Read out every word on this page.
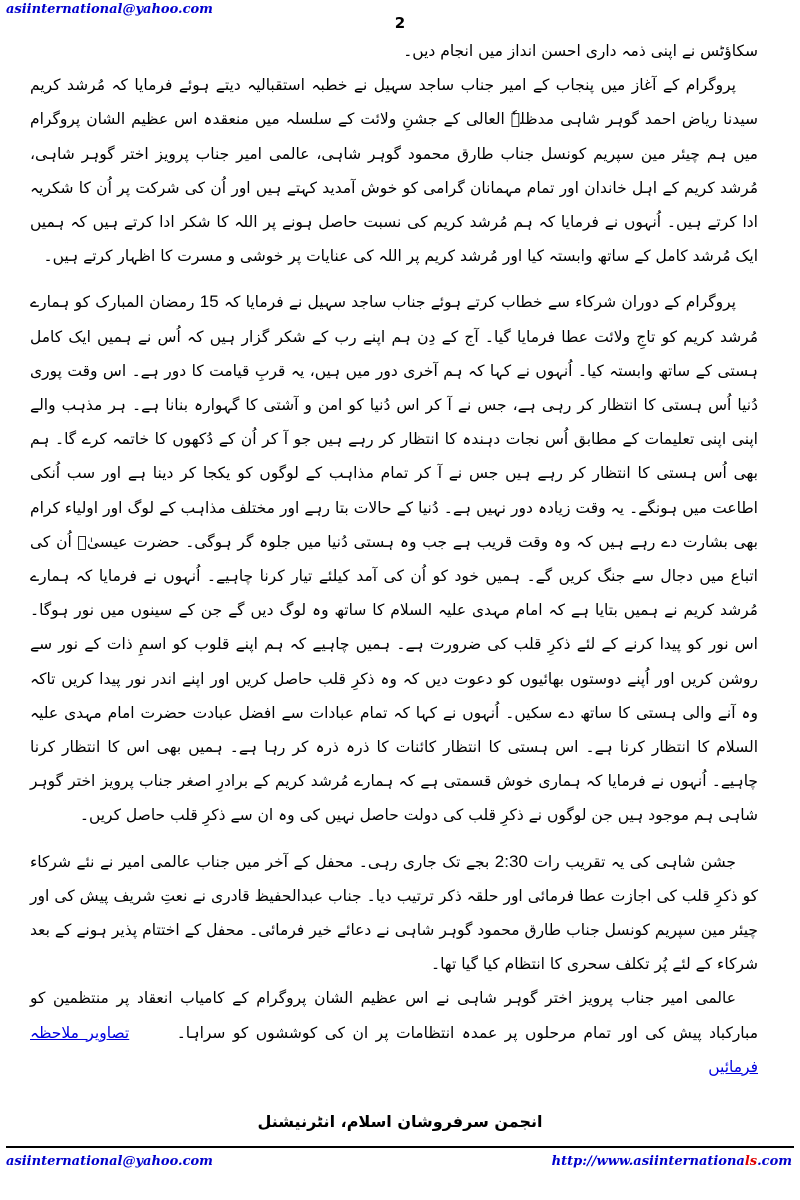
asiinternational@yahoo.com
2

سکاؤٹس نے اپنی ذمہ داری احسن انداز میں انجام دیں۔

پروگرام کے آغاز میں پنجاب کے امیر جناب ساجد سہیل نے خطبہ استقبالیہ دیتے ہوئے فرمایا کہ مُرشد کریم سیدنا ریاض احمد گوہر شاہی مدظلہٗ العالی کے جشنِ ولائت کے سلسلہ میں منعقدہ اس عظیم الشان پروگرام میں ہم چیئر مین سپریم کونسل جناب طارق محمود گوہر شاہی، عالمی امیر جناب پرویز اختر گوہر شاہی، مُرشد کریم کے اہل خاندان اور تمام مہمانان گرامی کو خوش آمدید کہتے ہیں اور اُن کی شرکت پر اُن کا شکریہ ادا کرتے ہیں۔ اُنہوں نے فرمایا کہ ہم مُرشد کریم کی نسبت حاصل ہونے پر اللہ کا شکر ادا کرتے ہیں کہ ہمیں ایک مُرشد کامل کے ساتھ وابستہ کیا اور مُرشد کریم پر اللہ کی عنایات پر خوشی و مسرت کا اظہار کرتے ہیں۔

پروگرام کے دوران شرکاء سے خطاب کرتے ہوئے جناب ساجد سہیل نے فرمایا کہ 15 رمضان المبارک کو ہمارے مُرشد کریم کو تاجِ ولائت عطا فرمایا گیا۔ آج کے دِن ہم اپنے رب کے شکر گزار ہیں کہ اُس نے ہمیں ایک کامل ہستی کے ساتھ وابستہ کیا۔ اُنہوں نے کہا کہ ہم آخری دور میں ہیں، یہ قربِ قیامت کا دور ہے۔ اس وقت پوری دُنیا اُس ہستی کا انتظار کر رہی ہے، جس نے آ کر اس دُنیا کو امن و آشتی کا گہوارہ بنانا ہے۔ ہر مذہب والے اپنی اپنی تعلیمات کے مطابق اُس نجات دہندہ کا انتظار کر رہے ہیں جو آ کر اُن کے دُکھوں کا خاتمہ کرے گا۔ ہم بھی اُس ہستی کا انتظار کر رہے ہیں جس نے آ کر تمام مذاہب کے لوگوں کو یکجا کر دینا ہے اور سب اُنکی اطاعت میں ہونگے۔ یہ وقت زیادہ دور نہیں ہے۔ دُنیا کے حالات بتا رہے اور مختلف مذاہب کے لوگ اور اولیاء کرام بھی بشارت دے رہے ہیں کہ وہ وقت قریب ہے جب وہ ہستی دُنیا میں جلوہ گر ہوگی۔ حضرت عیسیٰؑ اُن کی اتباع میں دجال سے جنگ کریں گے۔ ہمیں خود کو اُن کی آمد کیلئے تیار کرنا چاہیے۔ اُنہوں نے فرمایا کہ ہمارے مُرشد کریم نے ہمیں بتایا ہے کہ امام مہدی علیہ السلام کا ساتھ وہ لوگ دیں گے جن کے سینوں میں نور ہوگا۔ اس نور کو پیدا کرنے کے لئے ذکرِ قلب کی ضرورت ہے۔ ہمیں چاہیے کہ ہم اپنے قلوب کو اسمِ ذات کے نور سے روشن کریں اور اُپنے دوستوں بھائیوں کو دعوت دیں کہ وہ ذکرِ قلب حاصل کریں اور اپنے اندر نور پیدا کریں تاکہ وہ آنے والی ہستی کا ساتھ دے سکیں۔ اُنہوں نے کہا کہ تمام عبادات سے افضل عبادت حضرت امام مہدی علیہ السلام کا انتظار کرنا ہے۔ اس ہستی کا انتظار کائنات کا ذرہ ذرہ کر رہا ہے۔ ہمیں بھی اس کا انتظار کرنا چاہیے۔ اُنہوں نے فرمایا کہ ہماری خوش قسمتی ہے کہ ہمارے مُرشد کریم کے برادرِ اصغر جناب پرویز اختر گوہر شاہی ہم موجود ہیں جن لوگوں نے ذکرِ قلب کی دولت حاصل نہیں کی وہ ان سے ذکرِ قلب حاصل کریں۔

جشن شاہی کی یہ تقریب رات 2:30 بجے تک جاری رہی۔ محفل کے آخر میں جناب عالمی امیر نے نئے شرکاء کو ذکرِ قلب کی اجازت عطا فرمائی اور حلقہ ذکر ترتیب دیا۔ جناب عبدالحفیظ قادری نے نعتِ شریف پیش کی اور چیئر مین سپریم کونسل جناب طارق محمود گوہر شاہی نے دعائے خیر فرمائی۔ محفل کے اختتام پذیر ہونے کے بعد شرکاء کے لئے پُر تکلف سحری کا انتظام کیا گیا تھا۔

عالمی امیر جناب پرویز اختر گوہر شاہی نے اس عظیم الشان پروگرام کے کامیاب انعقاد پر منتظمین کو مبارکباد پیش کی اور تمام مرحلوں پر عمدہ انتظامات پر ان کی کوششوں کو سراہا۔ تصاویر ملاحظہ فرمائیں

انجمن سرفروشان اسلام، انٹرنیشنل
asiinternational@yahoo.com	http://www.asiinternationals.com
